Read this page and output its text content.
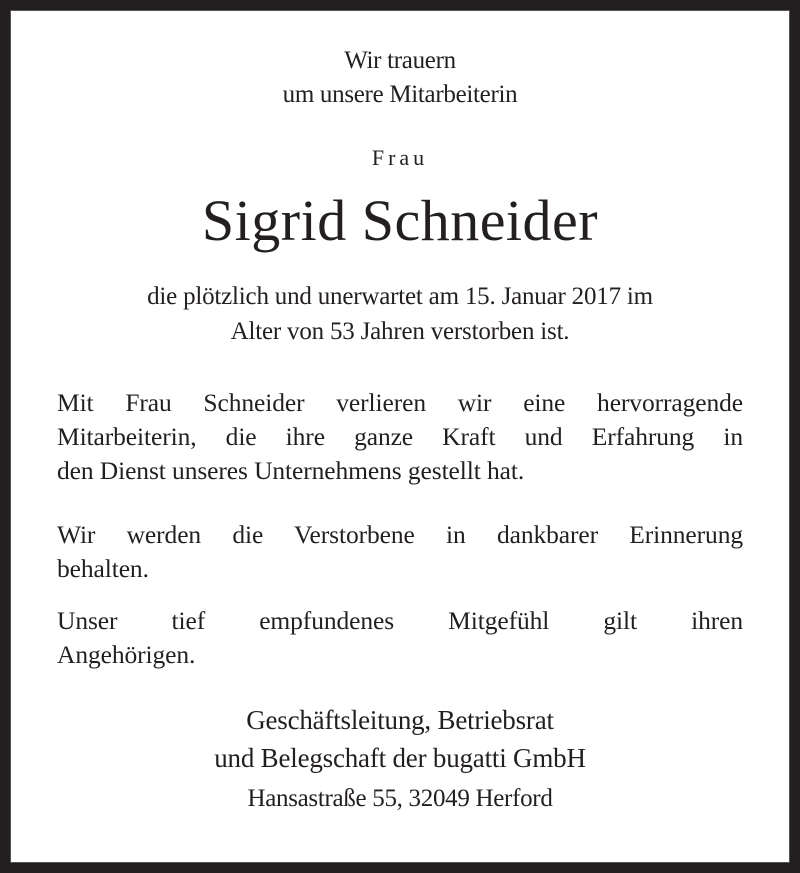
Wir trauern
um unsere Mitarbeiterin
Frau
Sigrid Schneider
die plötzlich und unerwartet am 15. Januar 2017 im
Alter von 53 Jahren verstorben ist.
Mit Frau Schneider verlieren wir eine hervorragende
Mitarbeiterin, die ihre ganze Kraft und Erfahrung in
den Dienst unseres Unternehmens gestellt hat.
Wir werden die Verstorbene in dankbarer Erinnerung
behalten.
Unser tief empfundenes Mitgefühl gilt ihren
Angehörigen.
Geschäftsleitung, Betriebsrat
und Belegschaft der bugatti GmbH
Hansastraße 55, 32049 Herford
